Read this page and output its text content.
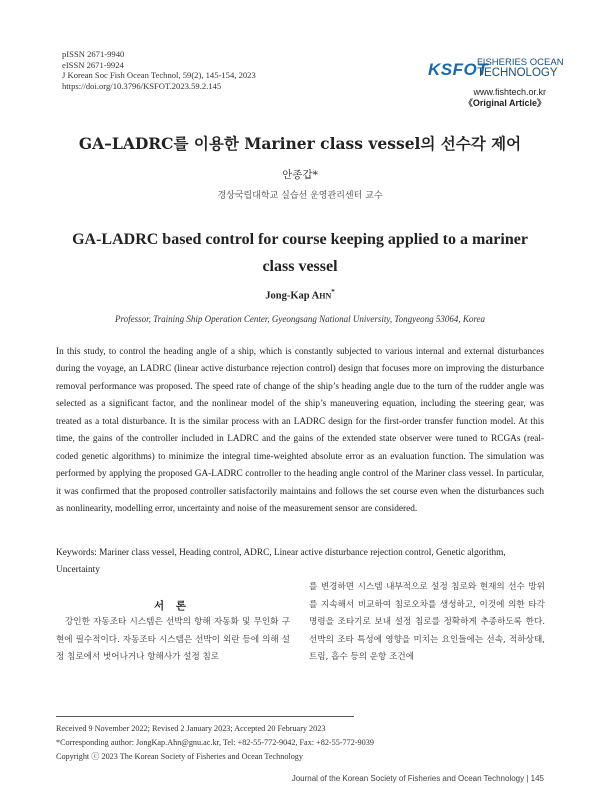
pISSN 2671-9940
eISSN 2671-9924
J Korean Soc Fish Ocean Technol, 59(2), 145-154, 2023
https://doi.org/10.3796/KSFOT.2023.59.2.145
KSFOT
FISHERIES OCEAN
TECHNOLOGY
www.fishtech.or.kr
《Original Article》
GA–LADRC를 이용한 Mariner class vessel의 선수각 제어
안종갑*
경상국립대학교 실습선 운영관리센터 교수
GA-LADRC based control for course keeping applied to a mariner
class vessel
Jong-Kap AHN*
Professor, Training Ship Operation Center, Gyeongsang National University, Tongyeong 53064, Korea
In this study, to control the heading angle of a ship, which is constantly subjected to various internal and external disturbances during the voyage, an LADRC (linear active disturbance rejection control) design that focuses more on improving the disturbance removal performance was proposed. The speed rate of change of the ship’s heading angle due to the turn of the rudder angle was selected as a significant factor, and the nonlinear model of the ship’s maneuvering equation, including the steering gear, was treated as a total disturbance. It is the similar process with an LADRC design for the first-order transfer function model. At this time, the gains of the controller included in LADRC and the gains of the extended state observer were tuned to RCGAs (real-coded genetic algorithms) to minimize the integral time-weighted absolute error as an evaluation function. The simulation was performed by applying the proposed GA-LADRC controller to the heading angle control of the Mariner class vessel. In particular, it was confirmed that the proposed controller satisfactorily maintains and follows the set course even when the disturbances such as nonlinearity, modelling error, uncertainty and noise of the measurement sensor are considered.
Keywords: Mariner class vessel, Heading control, ADRC, Linear active disturbance rejection control, Genetic algorithm, Uncertainty
서 론
강인한 자동조타 시스템은 선박의 항해 자동화 및 무인화 구현에 필수적이다. 자동조타 시스템은 선박이 외란 등에 의해 설정 침로에서 벗어나거나 항해사가 설정 침로
를 변경하면 시스템 내부적으로 설정 침로와 현재의 선수 방위를 지속해서 비교하여 침로오차를 생성하고, 이것에 의한 타각 명령을 조타기로 보내 설정 침로를 정확하게 추종하도록 한다. 선박의 조타 특성에 영향을 미치는 요인들에는 선속, 적하상태, 트림, 흡수 등의 운항 조건에
Received 9 November 2022; Revised 2 January 2023; Accepted 20 February 2023
*Corresponding author: JongKap.Ahn@gnu.ac.kr, Tel: +82-55-772-9042, Fax: +82-55-772-9039
Copyright ⓒ 2023 The Korean Society of Fisheries and Ocean Technology
Journal of the Korean Society of Fisheries and Ocean Technology | 145
